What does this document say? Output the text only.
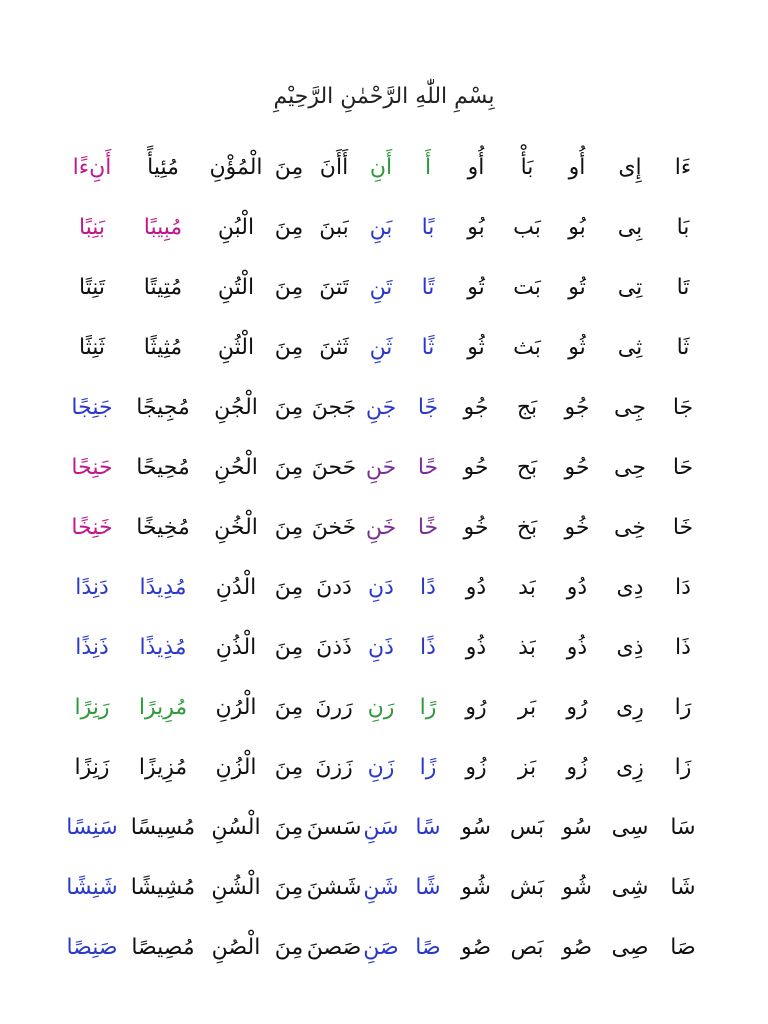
بِسْمِ اللّٰهِ الرَّحْمٰنِ الرَّحِيْمِ
ءَا
إِى
أُو
بَأْ
أُو
أَ
أَنِ
أَأَنَ
مِنَ
الْمُؤْنِ
مُئِيأً
أَنِءًا
بَا
بِى
بُو
بَب
بُو
بًا
بَنِ
بَبنَ
مِنَ
الْبُنِ
مُبِيبًا
بَنِبًا
تَا
تِى
تُو
بَت
تُو
تًا
تَنِ
تَتنَ
مِنَ
الْتُنِ
مُتِيتًا
تَنِتًا
ثَا
ثِى
ثُو
بَث
ثُو
ثًا
ثَنِ
ثَثنَ
مِنَ
الْثُنِ
مُثِيثًا
ثَنِثًا
جَا
جِى
جُو
بَج
جُو
جًا
جَنِ
جَجنَ
مِنَ
الْجُنِ
مُجِيجًا
جَنِجًا
حَا
حِى
حُو
بَح
حُو
حًا
حَنِ
حَحنَ
مِنَ
الْحُنِ
مُحِيحًا
حَنِحًا
خَا
خِى
خُو
بَخ
خُو
خًا
خَنِ
خَخنَ
مِنَ
الْخُنِ
مُخِيخًا
خَنِخًا
دَا
دِى
دُو
بَد
دُو
دًا
دَنِ
دَدنَ
مِنَ
الْدُنِ
مُدِيدًا
دَنِدًا
ذَا
ذِى
ذُو
بَذ
ذُو
ذًا
ذَنِ
ذَذنَ
مِنَ
الْذُنِ
مُذِيذًا
ذَنِذًا
رَا
رِى
رُو
بَر
رُو
رًا
رَنِ
رَرنَ
مِنَ
الْرُنِ
مُرِيرًا
رَنِرًا
زَا
زِى
زُو
بَز
زُو
زًا
زَنِ
زَزنَ
مِنَ
الْزُنِ
مُزِيزًا
زَنِزًا
سَا
سِى
سُو
بَس
سُو
سًا
سَنِ
سَسنَ
مِنَ
الْسُنِ
مُسِيسًا
سَنِسًا
شَا
شِى
شُو
بَش
شُو
شًا
شَنِ
شَشنَ
مِنَ
الْشُنِ
مُشِيشًا
شَنِشًا
صَا
صِى
صُو
بَص
صُو
صًا
صَنِ
صَصنَ
مِنَ
الْصُنِ
مُصِيصًا
صَنِصًا
